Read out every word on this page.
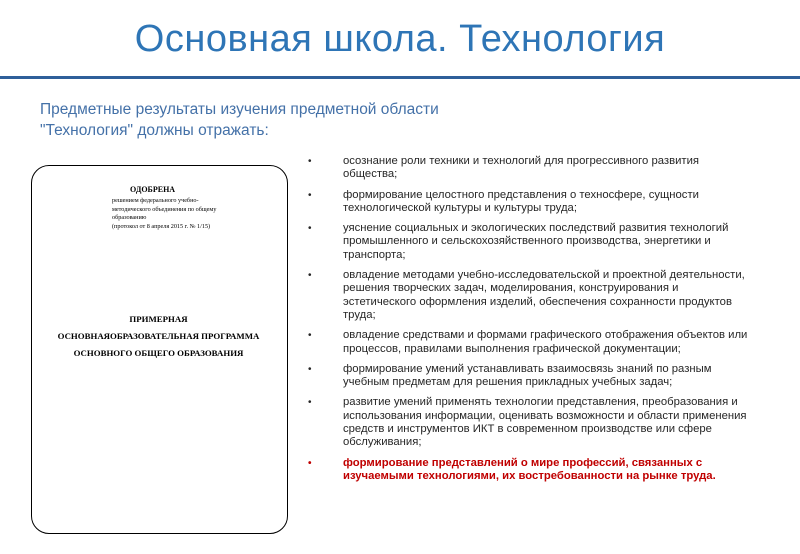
Основная школа. Технология
Предметные результаты изучения предметной области
"Технология" должны отражать:
ОДОБРЕНА
решением федерального учебно-
методического объединения по общему
образованию
(протокол от 8 апреля 2015 г. № 1/15)
ПРИМЕРНАЯ
ОСНОВНАЯОБРАЗОВАТЕЛЬНАЯ ПРОГРАММА
ОСНОВНОГО ОБЩЕГО ОБРАЗОВАНИЯ
•	осознание роли техники и технологий для прогрессивного развития общества;
•	формирование целостного представления о техносфере, сущности технологической культуры и культуры труда;
•	уяснение социальных и экологических последствий развития технологий промышленного и сельскохозяйственного производства, энергетики и транспорта;
•	овладение методами учебно-исследовательской и проектной деятельности, решения творческих задач, моделирования, конструирования и эстетического оформления изделий, обеспечения сохранности продуктов труда;
•	овладение средствами и формами графического отображения объектов или процессов, правилами выполнения графической документации;
•	формирование умений устанавливать взаимосвязь знаний по разным учебным предметам для решения прикладных учебных задач;
•	развитие умений применять технологии представления, преобразования и использования информации, оценивать возможности и области применения средств и инструментов ИКТ в современном производстве или сфере обслуживания;
•	формирование представлений о мире профессий, связанных с изучаемыми технологиями, их востребованности на рынке труда.
